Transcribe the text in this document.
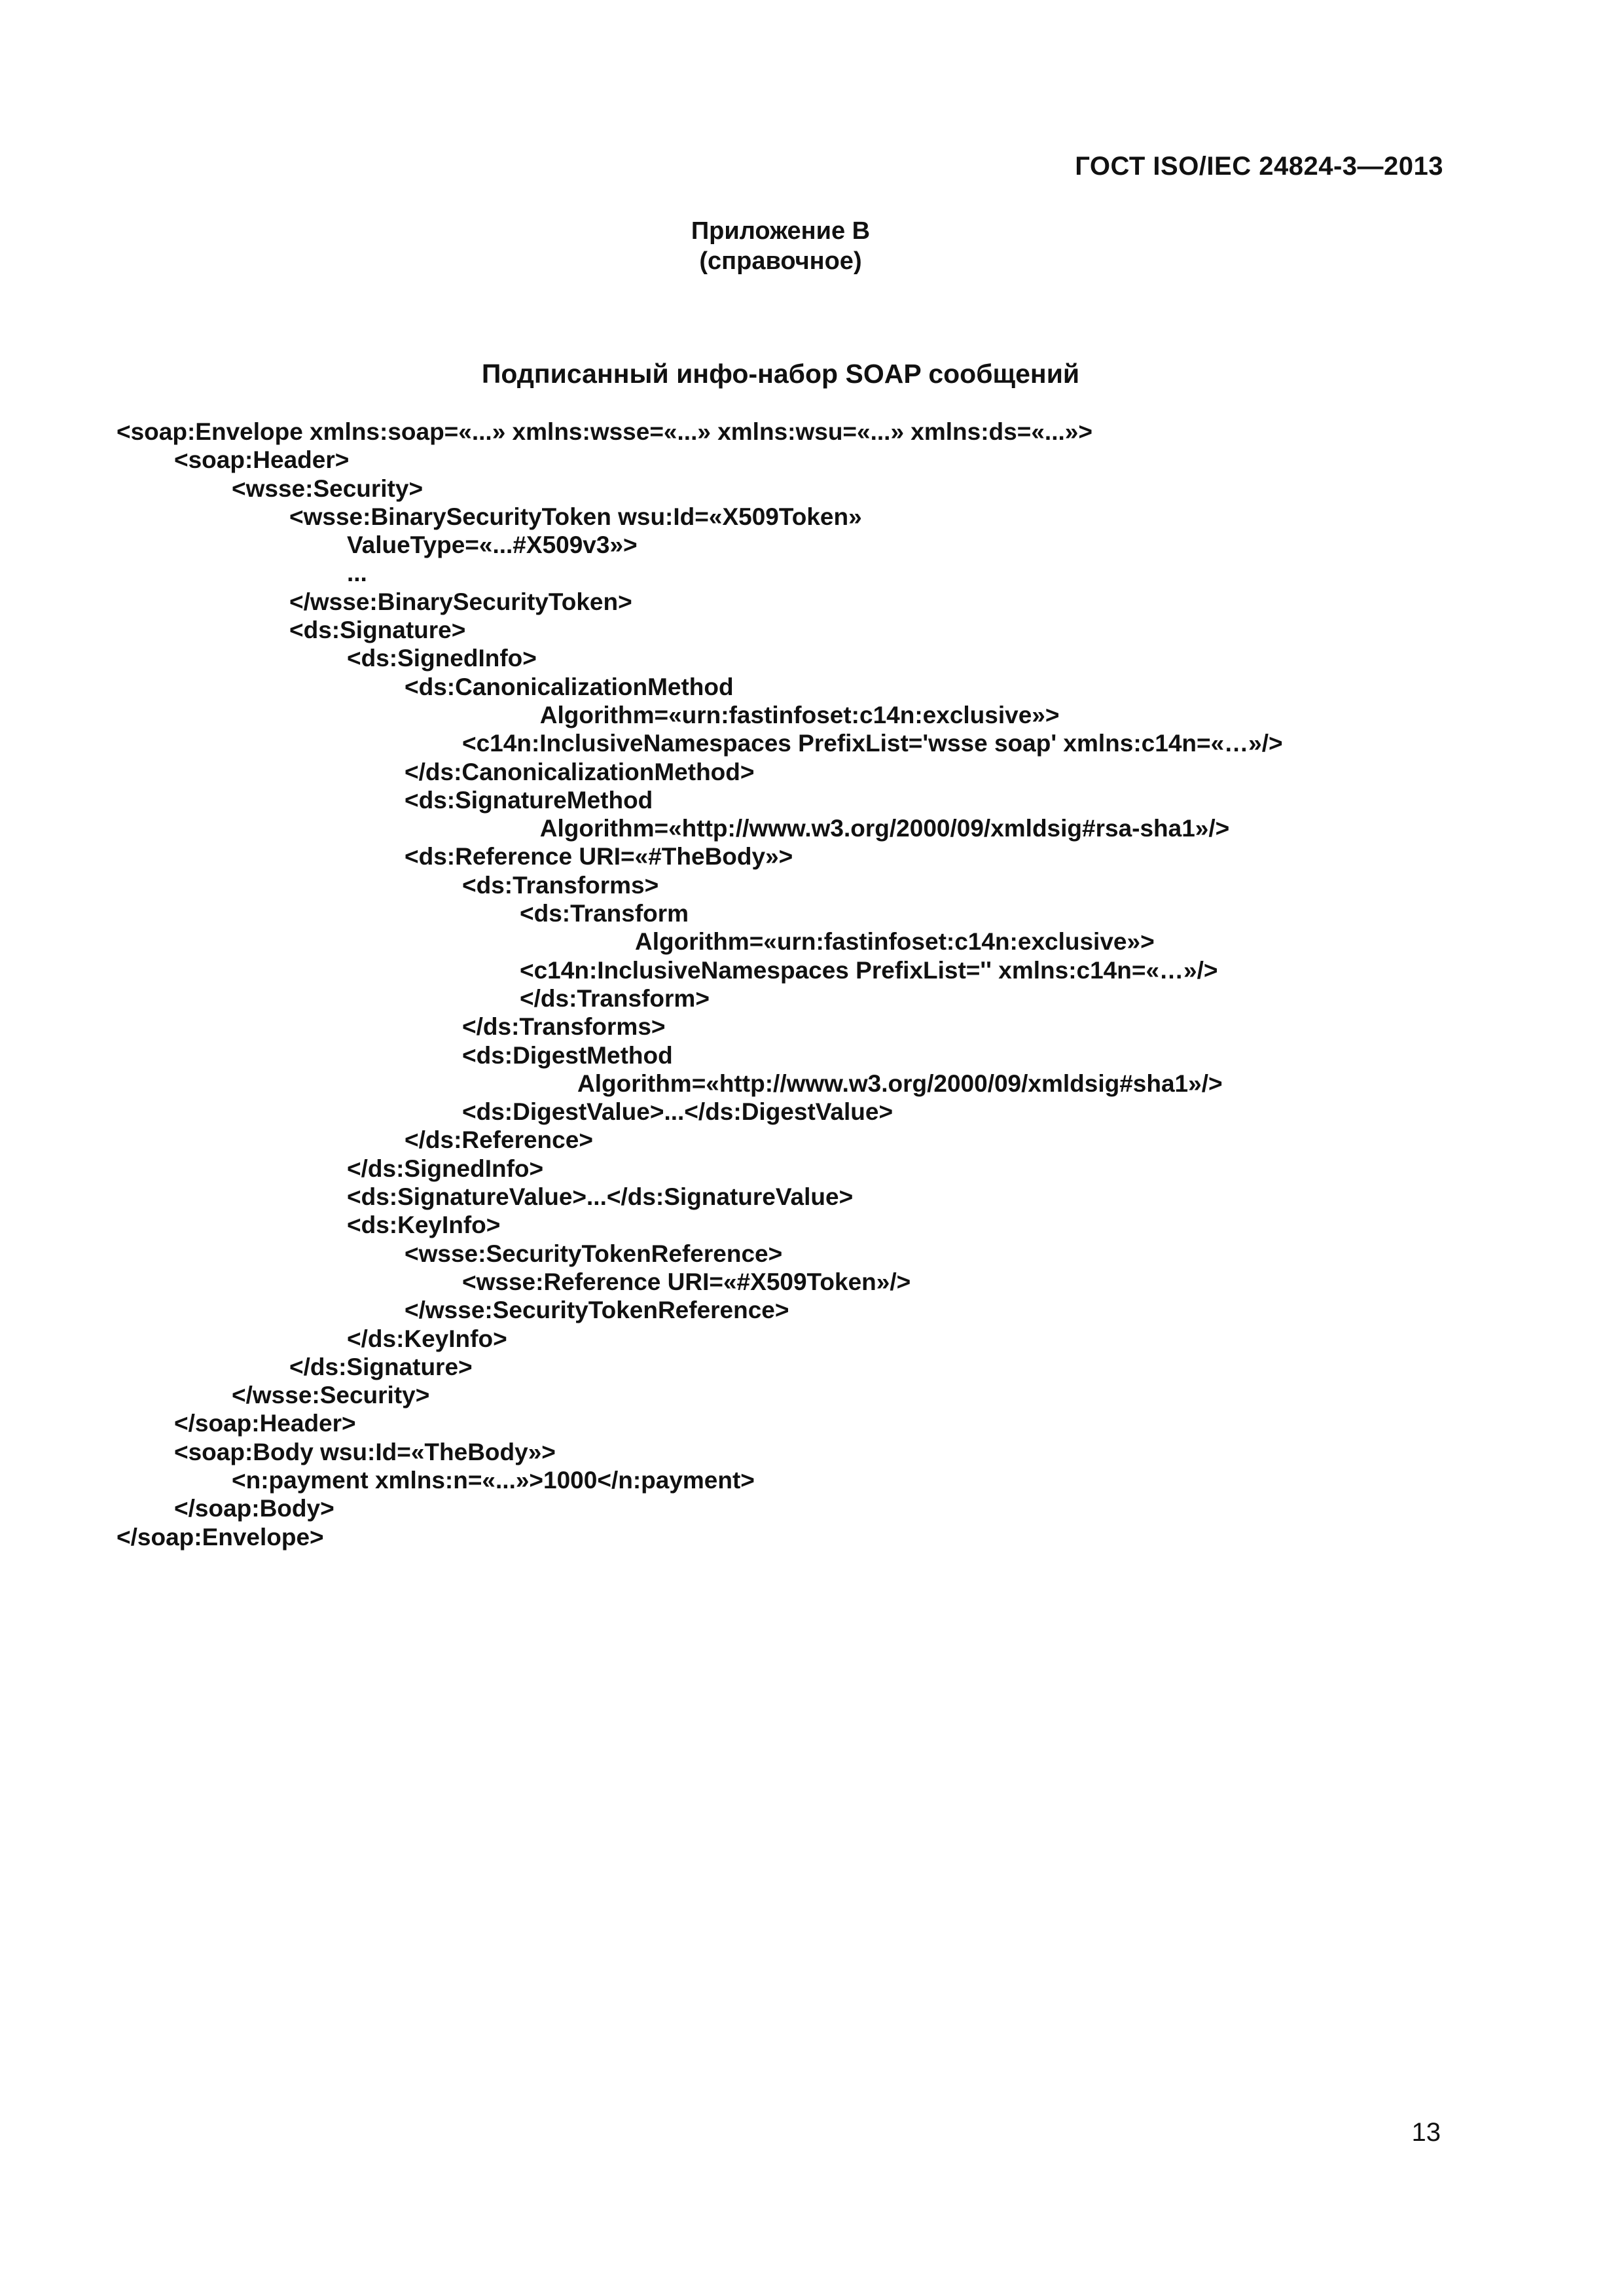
ГОСТ ISO/IEC 24824-3—2013
Приложение В
(справочное)
Подписанный инфо-набор SOAP сообщений
<soap:Envelope xmlns:soap=«...» xmlns:wsse=«...» xmlns:wsu=«...» xmlns:ds=«...»>
<soap:Header>
<wsse:Security>
<wsse:BinarySecurityToken wsu:Id=«X509Token»
ValueType=«...#X509v3»>
...
</wsse:BinarySecurityToken>
<ds:Signature>
<ds:SignedInfo>
<ds:CanonicalizationMethod
Algorithm=«urn:fastinfoset:c14n:exclusive»>
<c14n:InclusiveNamespaces PrefixList='wsse soap' xmlns:c14n=«…»/>
</ds:CanonicalizationMethod>
<ds:SignatureMethod
Algorithm=«http://www.w3.org/2000/09/xmldsig#rsa-sha1»/>
<ds:Reference URI=«#TheBody»>
<ds:Transforms>
<ds:Transform
Algorithm=«urn:fastinfoset:c14n:exclusive»>
<c14n:InclusiveNamespaces PrefixList='' xmlns:c14n=«…»/>
</ds:Transform>
</ds:Transforms>
<ds:DigestMethod
Algorithm=«http://www.w3.org/2000/09/xmldsig#sha1»/>
<ds:DigestValue>...</ds:DigestValue>
</ds:Reference>
</ds:SignedInfo>
<ds:SignatureValue>...</ds:SignatureValue>
<ds:KeyInfo>
<wsse:SecurityTokenReference>
<wsse:Reference URI=«#X509Token»/>
</wsse:SecurityTokenReference>
</ds:KeyInfo>
</ds:Signature>
</wsse:Security>
</soap:Header>
<soap:Body wsu:Id=«TheBody»>
<n:payment xmlns:n=«...»>1000</n:payment>
</soap:Body>
</soap:Envelope>
13
